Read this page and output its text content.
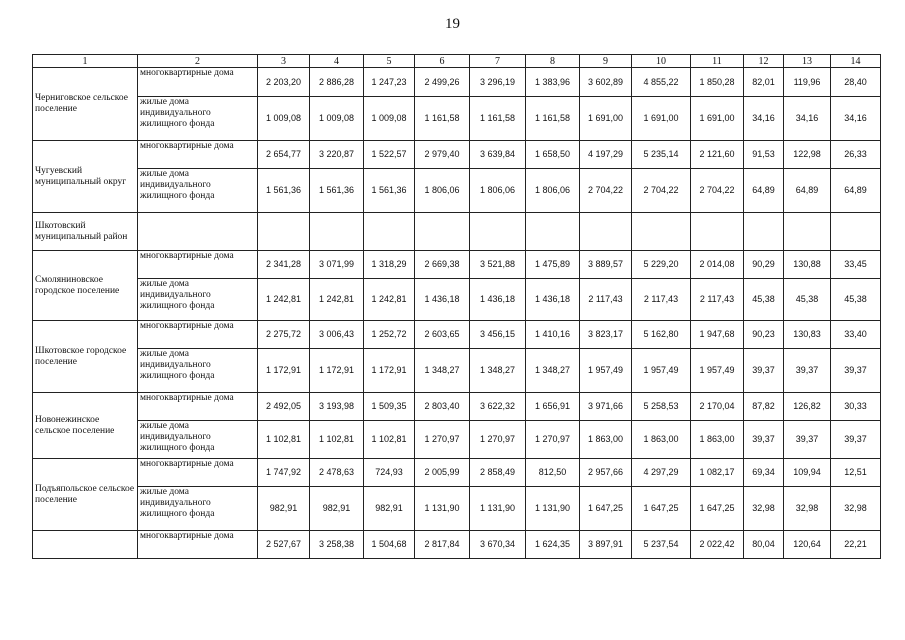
19
1	2	3	4	5	6	7	8	9	10	11	12	13	14
Черниговское сельское поселение	многоквартирные дома	2 203,20	2 886,28	1 247,23	2 499,26	3 296,19	1 383,96	3 602,89	4 855,22	1 850,28	82,01	119,96	28,40
	жилые дома индивидуального жилищного фонда	1 009,08	1 009,08	1 009,08	1 161,58	1 161,58	1 161,58	1 691,00	1 691,00	1 691,00	34,16	34,16	34,16
Чугуевский муниципальный округ	многоквартирные дома	2 654,77	3 220,87	1 522,57	2 979,40	3 639,84	1 658,50	4 197,29	5 235,14	2 121,60	91,53	122,98	26,33
	жилые дома индивидуального жилищного фонда	1 561,36	1 561,36	1 561,36	1 806,06	1 806,06	1 806,06	2 704,22	2 704,22	2 704,22	64,89	64,89	64,89
Шкотовский муниципальный район													
Смоляниновское городское поселение	многоквартирные дома	2 341,28	3 071,99	1 318,29	2 669,38	3 521,88	1 475,89	3 889,57	5 229,20	2 014,08	90,29	130,88	33,45
	жилые дома индивидуального жилищного фонда	1 242,81	1 242,81	1 242,81	1 436,18	1 436,18	1 436,18	2 117,43	2 117,43	2 117,43	45,38	45,38	45,38
Шкотовское городское поселение	многоквартирные дома	2 275,72	3 006,43	1 252,72	2 603,65	3 456,15	1 410,16	3 823,17	5 162,80	1 947,68	90,23	130,83	33,40
	жилые дома индивидуального жилищного фонда	1 172,91	1 172,91	1 172,91	1 348,27	1 348,27	1 348,27	1 957,49	1 957,49	1 957,49	39,37	39,37	39,37
Новонежинское сельское поселение	многоквартирные дома	2 492,05	3 193,98	1 509,35	2 803,40	3 622,32	1 656,91	3 971,66	5 258,53	2 170,04	87,82	126,82	30,33
	жилые дома индивидуального жилищного фонда	1 102,81	1 102,81	1 102,81	1 270,97	1 270,97	1 270,97	1 863,00	1 863,00	1 863,00	39,37	39,37	39,37
Подъяпольское сельское поселение	многоквартирные дома	1 747,92	2 478,63	724,93	2 005,99	2 858,49	812,50	2 957,66	4 297,29	1 082,17	69,34	109,94	12,51
	жилые дома индивидуального жилищного фонда	982,91	982,91	982,91	1 131,90	1 131,90	1 131,90	1 647,25	1 647,25	1 647,25	32,98	32,98	32,98
	многоквартирные дома	2 527,67	3 258,38	1 504,68	2 817,84	3 670,34	1 624,35	3 897,91	5 237,54	2 022,42	80,04	120,64	22,21
